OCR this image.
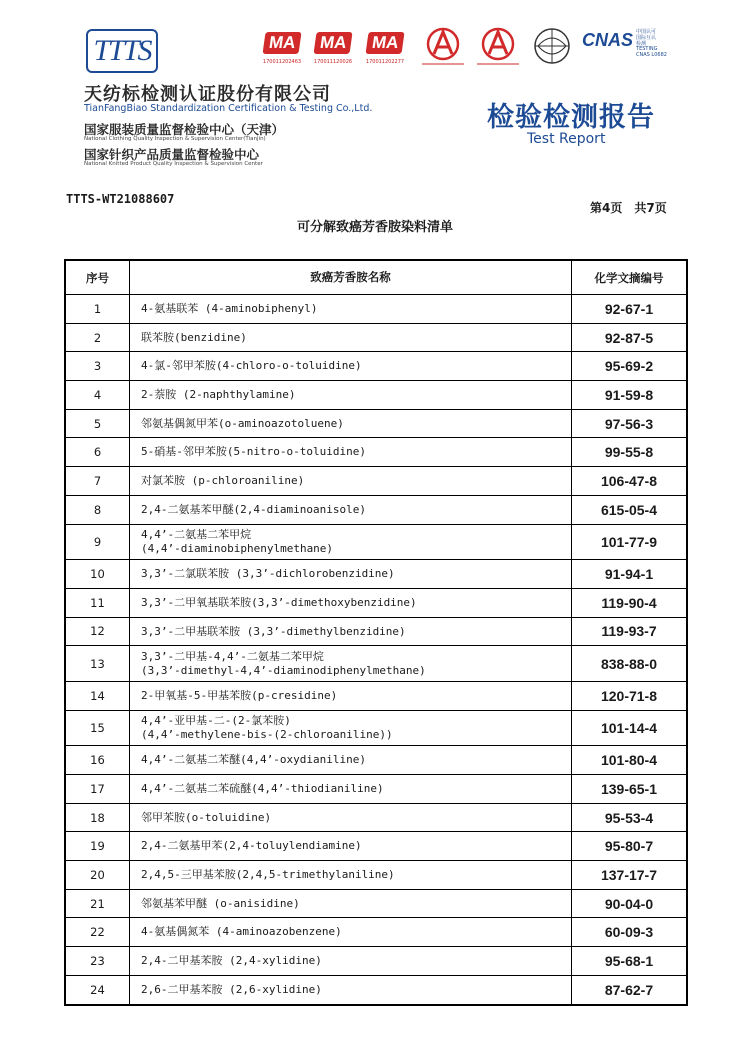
TTTS
天纺标检测认证股份有限公司
TianFangBiao Standardization Certification & Testing Co.,Ltd.
国家服装质量监督检验中心（天津）
National Clothing Quality Inspection & Supervision Center(Tianjin)
国家针织产品质量监督检验中心
National Knitted Product Quality Inspection & Supervision Center
MA
170011202463
MA
170011120026
MA
170011202277
CNAS 中国认可
国际互认
检测
TESTING
CNAS L0682
检验检测报告
Test Report
TTTS-WT21088607
第4页 共7页
可分解致癌芳香胺染料清单
序号	致癌芳香胺名称	化学文摘编号
1	4-氨基联苯 (4-aminobiphenyl)	92-67-1
2	联苯胺(benzidine)	92-87-5
3	4-氯-邻甲苯胺(4-chloro-o-toluidine)	95-69-2
4	2-萘胺 (2-naphthylamine)	91-59-8
5	邻氨基偶氮甲苯(o-aminoazotoluene)	97-56-3
6	5-硝基-邻甲苯胺(5-nitro-o-toluidine)	99-55-8
7	对氯苯胺 (p-chloroaniline)	106-47-8
8	2,4-二氨基苯甲醚(2,4-diaminoanisole)	615-05-4
9	4,4’-二氨基二苯甲烷
(4,4’-diaminobiphenylmethane)	101-77-9
10	3,3’-二氯联苯胺 (3,3’-dichlorobenzidine)	91-94-1
11	3,3’-二甲氧基联苯胺(3,3’-dimethoxybenzidine)	119-90-4
12	3,3’-二甲基联苯胺 (3,3’-dimethylbenzidine)	119-93-7
13	3,3’-二甲基-4,4’-二氨基二苯甲烷
(3,3’-dimethyl-4,4’-diaminodiphenylmethane)	838-88-0
14	2-甲氧基-5-甲基苯胺(p-cresidine)	120-71-8
15	4,4’-亚甲基-二-(2-氯苯胺)
(4,4’-methylene-bis-(2-chloroaniline))	101-14-4
16	4,4’-二氨基二苯醚(4,4’-oxydianiline)	101-80-4
17	4,4’-二氨基二苯硫醚(4,4’-thiodianiline)	139-65-1
18	邻甲苯胺(o-toluidine)	95-53-4
19	2,4-二氨基甲苯(2,4-toluylendiamine)	95-80-7
20	2,4,5-三甲基苯胺(2,4,5-trimethylaniline)	137-17-7
21	邻氨基苯甲醚 (o-anisidine)	90-04-0
22	4-氨基偶氮苯 (4-aminoazobenzene)	60-09-3
23	2,4-二甲基苯胺 (2,4-xylidine)	95-68-1
24	2,6-二甲基苯胺 (2,6-xylidine)	87-62-7
